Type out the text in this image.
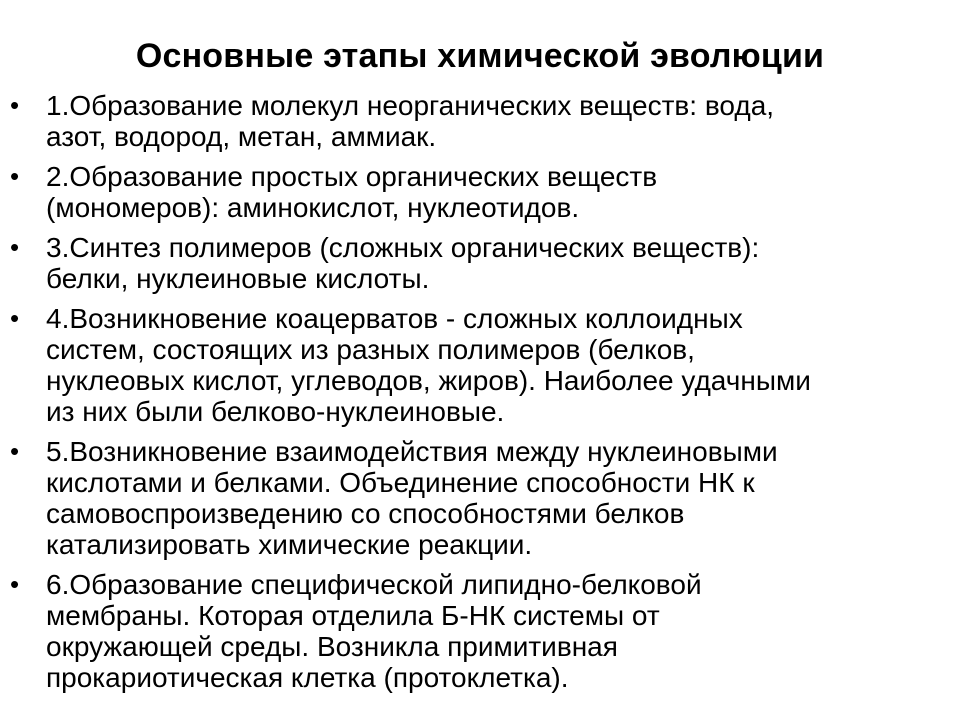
Основные этапы химической эволюции
• 1.Образование молекул неорганических веществ: вода,
азот, водород, метан, аммиак.
• 2.Образование простых органических веществ
(мономеров): аминокислот, нуклеотидов.
• 3.Синтез полимеров (сложных органических веществ):
белки, нуклеиновые кислоты.
• 4.Возникновение коацерватов - сложных коллоидных
систем, состоящих из разных полимеров (белков,
нуклеовых кислот, углеводов, жиров). Наиболее удачными
из них были белково-нуклеиновые.
• 5.Возникновение взаимодействия между нуклеиновыми
кислотами и белками. Объединение способности НК к
самовоспроизведению со способностями белков
катализировать химические реакции.
• 6.Образование специфической липидно-белковой
мембраны. Которая отделила Б-НК системы от
окружающей среды. Возникла примитивная
прокариотическая клетка (протоклетка).
